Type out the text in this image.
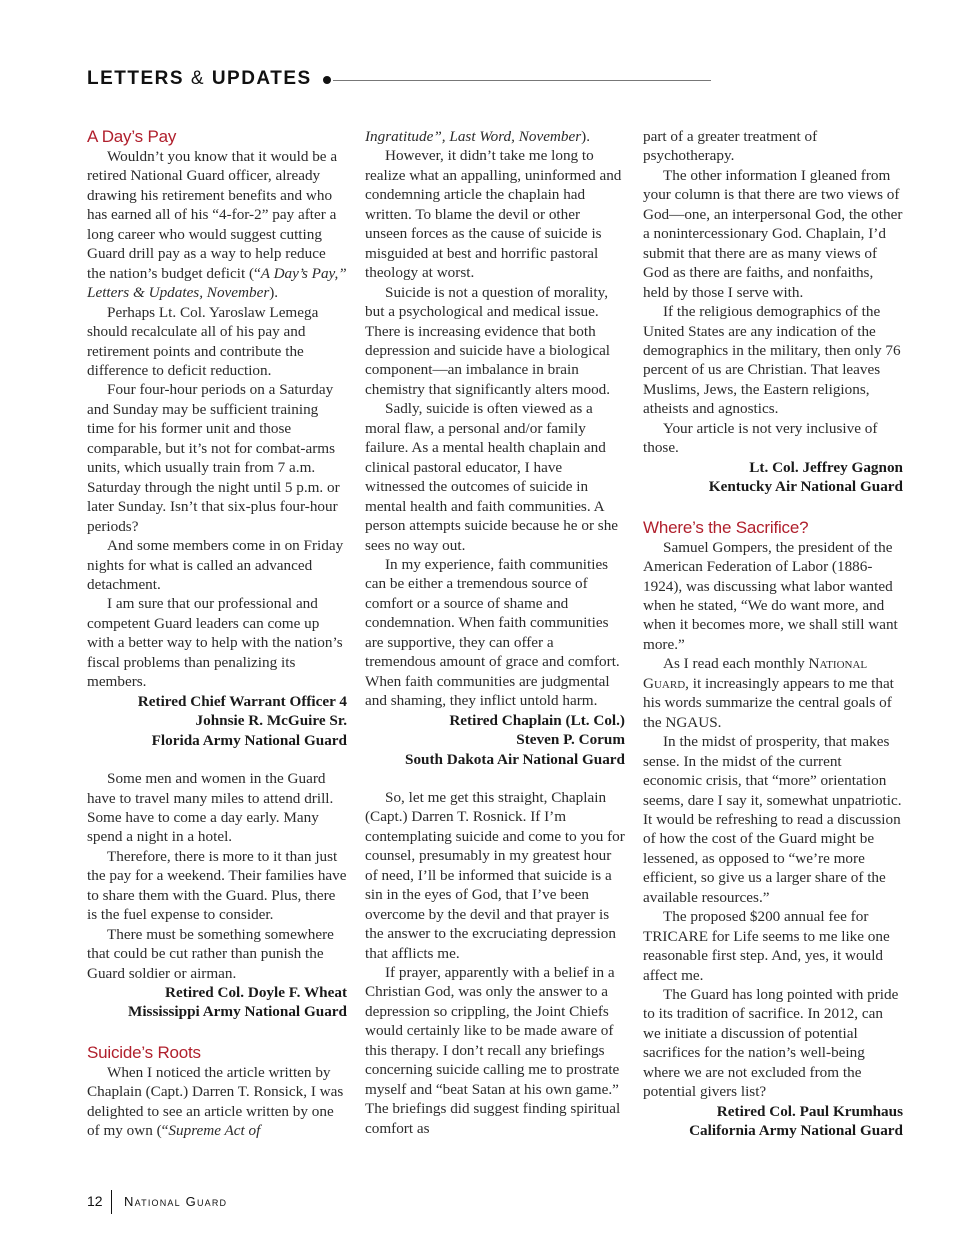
LETTERS & UPDATES
A Day’s Pay

Wouldn’t you know that it would be a retired National Guard officer, already drawing his retirement benefits and who has earned all of his “4-for-2” pay after a long career who would suggest cutting Guard drill pay as a way to help reduce the nation’s budget deficit (“A Day’s Pay,” Letters & Updates, November).

Perhaps Lt. Col. Yaroslaw Lemega should recalculate all of his pay and retirement points and contribute the difference to deficit reduction.

Four four-hour periods on a Saturday and Sunday may be sufficient training time for his former unit and those comparable, but it’s not for combat-arms units, which usually train from 7 a.m. Saturday through the night until 5 p.m. or later Sunday. Isn’t that six-plus four-hour periods?

And some members come in on Friday nights for what is called an advanced detachment.

I am sure that our professional and competent Guard leaders can come up with a better way to help with the nation’s fiscal problems than penalizing its members.

Retired Chief Warrant Officer 4
Johnsie R. McGuire Sr.
Florida Army National Guard

Some men and women in the Guard have to travel many miles to attend drill. Some have to come a day early. Many spend a night in a hotel.

Therefore, there is more to it than just the pay for a weekend. Their families have to share them with the Guard. Plus, there is the fuel expense to consider.

There must be something somewhere that could be cut rather than punish the Guard soldier or airman.

Retired Col. Doyle F. Wheat
Mississippi Army National Guard
Suicide’s Roots

When I noticed the article written by Chaplain (Capt.) Darren T. Ronsick, I was delighted to see an article written by one of my own (“Supreme Act of

Ingratitude”, Last Word, November).

However, it didn’t take me long to realize what an appalling, uninformed and condemning article the chaplain had written. To blame the devil or other unseen forces as the cause of suicide is misguided at best and horrific pastoral theology at worst.

Suicide is not a question of morality, but a psychological and medical issue. There is increasing evidence that both depression and suicide have a biological component—an imbalance in brain chemistry that significantly alters mood.

Sadly, suicide is often viewed as a moral flaw, a personal and/or family failure. As a mental health chaplain and clinical pastoral educator, I have witnessed the outcomes of suicide in mental health and faith communities. A person attempts suicide because he or she sees no way out.

In my experience, faith communities can be either a tremendous source of comfort or a source of shame and condemnation. When faith communities are supportive, they can offer a tremendous amount of grace and comfort. When faith communities are judgmental and shaming, they inflict untold harm.

Retired Chaplain (Lt. Col.)
Steven P. Corum
South Dakota Air National Guard

So, let me get this straight, Chaplain (Capt.) Darren T. Rosnick. If I’m contemplating suicide and come to you for counsel, presumably in my greatest hour of need, I’ll be informed that suicide is a sin in the eyes of God, that I’ve been overcome by the devil and that prayer is the answer to the excruciating depression that afflicts me.

If prayer, apparently with a belief in a Christian God, was only the answer to a depression so crippling, the Joint Chiefs would certainly like to be made aware of this therapy. I don’t recall any briefings concerning suicide calling me to prostrate myself and “beat Satan at his own game.” The briefings did suggest finding spiritual comfort as

part of a greater treatment of psychotherapy.

The other information I gleaned from your column is that there are two views of God—one, an interpersonal God, the other a nonintercessionary God. Chaplain, I’d submit that there are as many views of God as there are faiths, and nonfaiths, held by those I serve with.

If the religious demographics of the United States are any indication of the demographics in the military, then only 76 percent of us are Christian. That leaves Muslims, Jews, the Eastern religions, atheists and agnostics.

Your article is not very inclusive of those.

Lt. Col. Jeffrey Gagnon
Kentucky Air National Guard
Where’s the Sacrifice?

Samuel Gompers, the president of the American Federation of Labor (1886-1924), was discussing what labor wanted when he stated, “We do want more, and when it becomes more, we shall still want more.”

As I read each monthly National Guard, it increasingly appears to me that his words summarize the central goals of the NGAUS.

In the midst of prosperity, that makes sense. In the midst of the current economic crisis, that “more” orientation seems, dare I say it, somewhat unpatriotic. It would be refreshing to read a discussion of how the cost of the Guard might be lessened, as opposed to “we’re more efficient, so give us a larger share of the available resources.”

The proposed $200 annual fee for TRICARE for Life seems to me like one reasonable first step. And, yes, it would affect me.

The Guard has long pointed with pride to its tradition of sacrifice. In 2012, can we initiate a discussion of potential sacrifices for the nation’s well-being where we are not excluded from the potential givers list?

Retired Col. Paul Krumhaus
California Army National Guard
12 National Guard
